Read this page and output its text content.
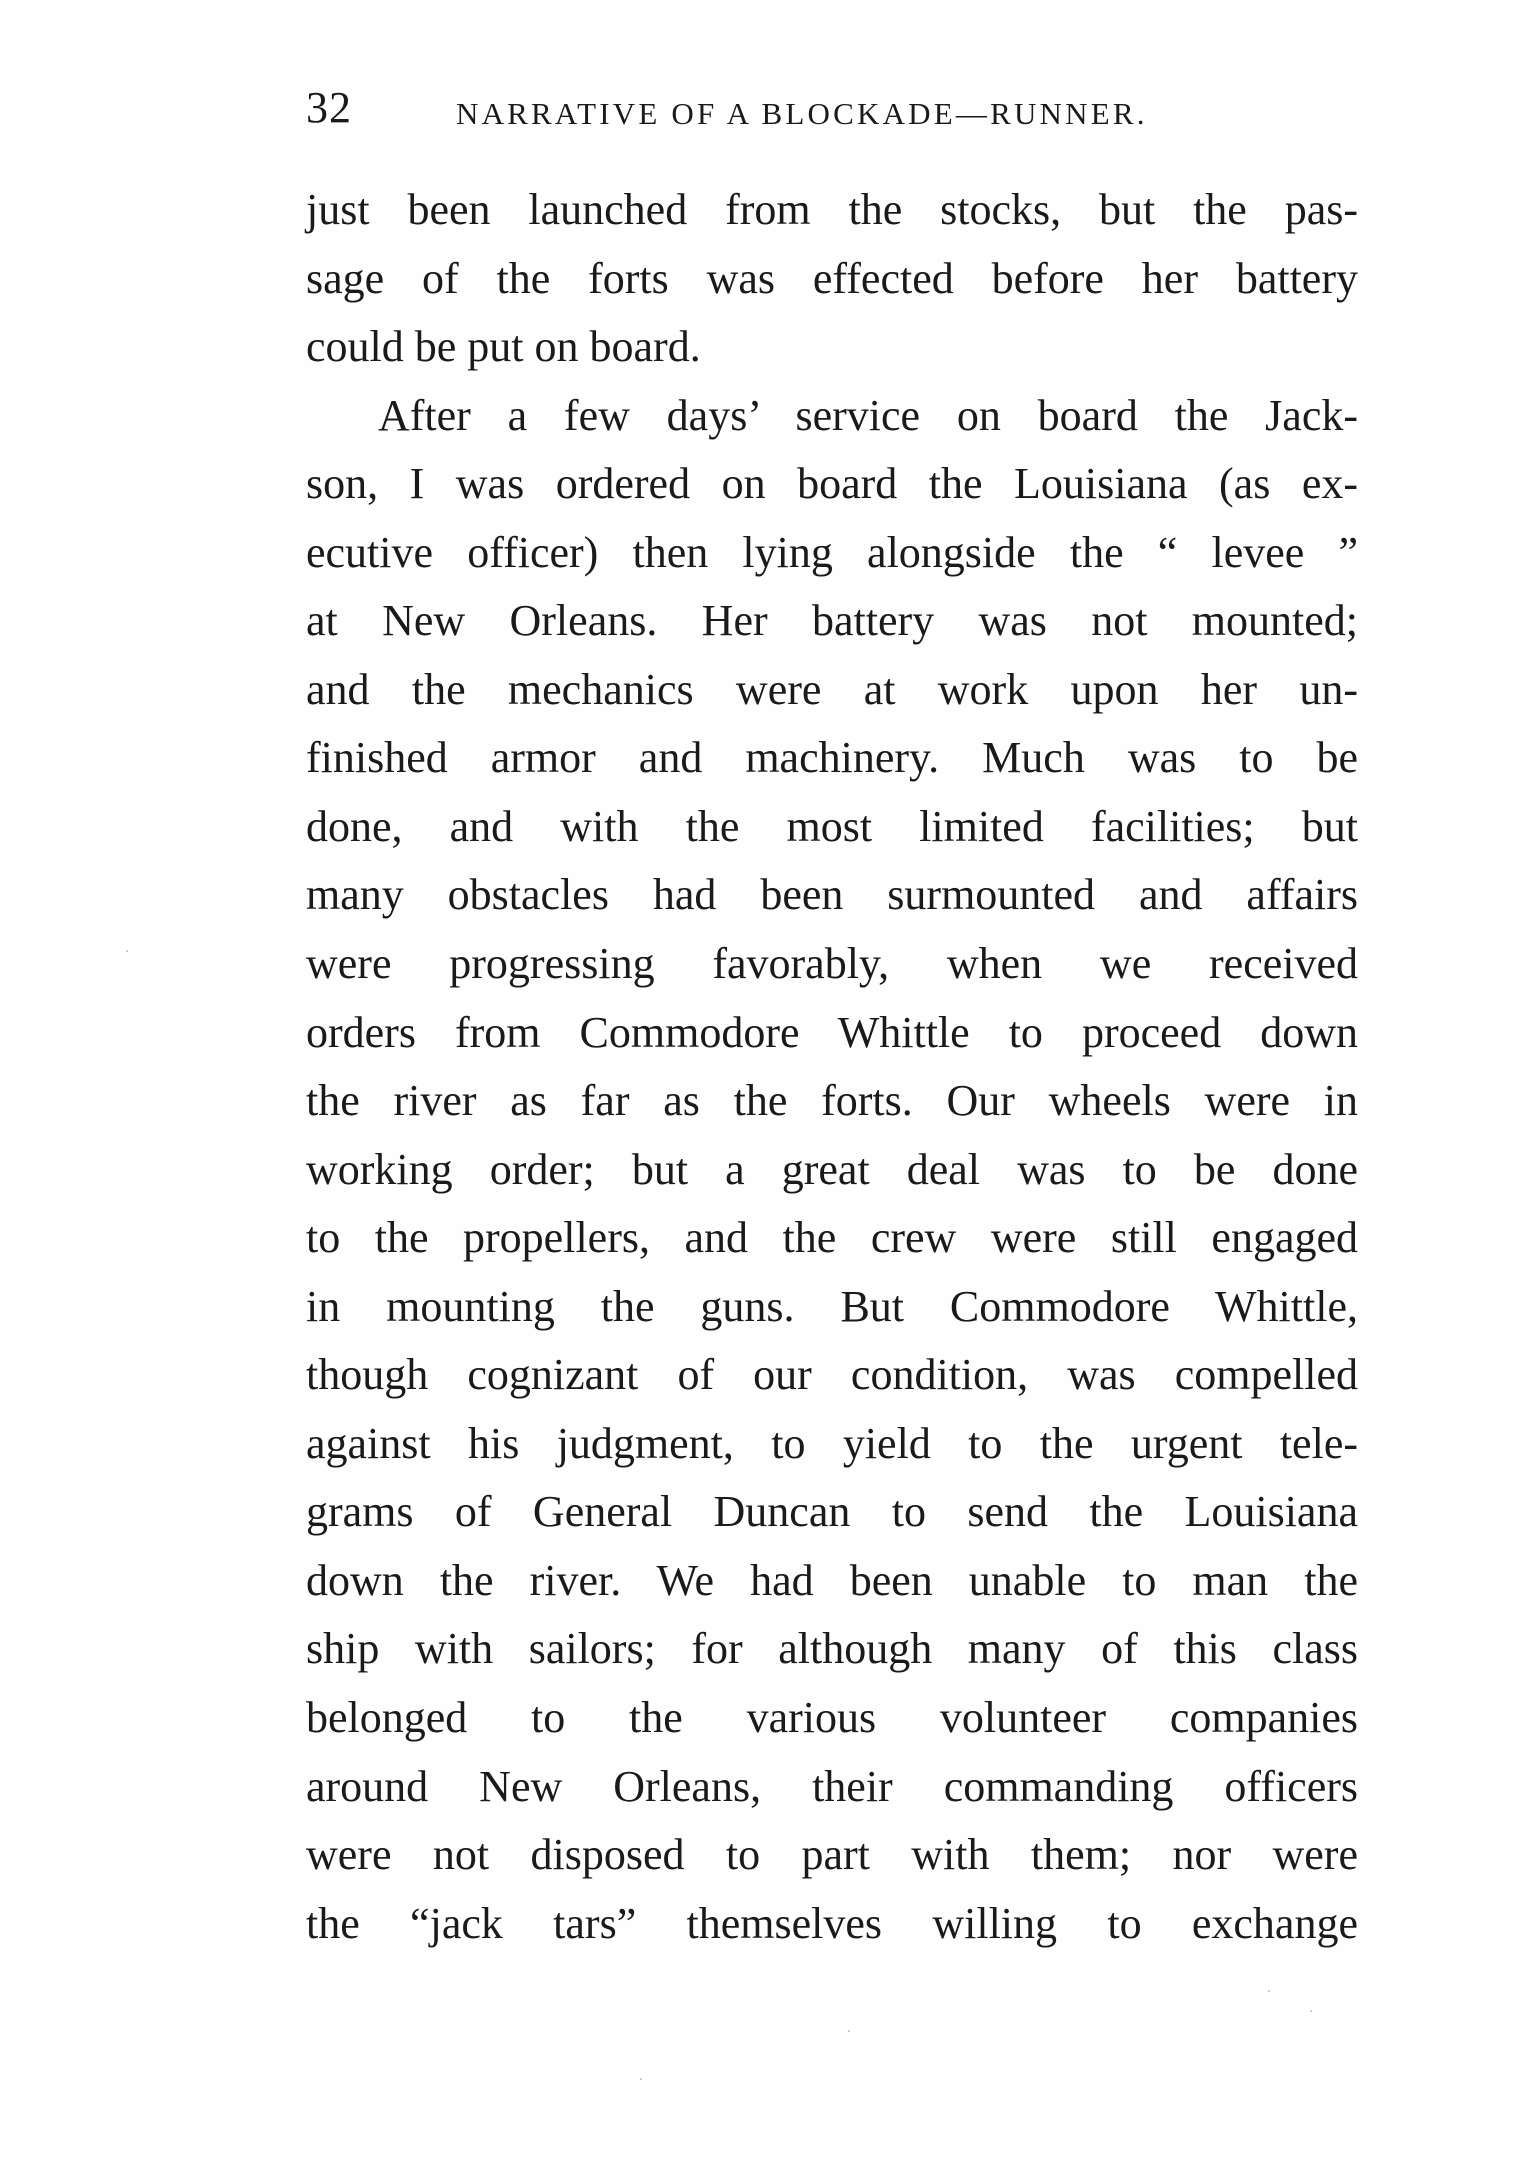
32	NARRATIVE OF A BLOCKADE—RUNNER.
just been launched from the stocks, but the pas-
sage of the forts was effected before her battery
could be put on board.
After a few days’ service on board the Jack-
son, I was ordered on board the Louisiana (as ex-
ecutive officer) then lying alongside the “ levee ”
at New Orleans. Her battery was not mounted;
and the mechanics were at work upon her un-
finished armor and machinery. Much was to be
done, and with the most limited facilities; but
many obstacles had been surmounted and affairs
were progressing favorably, when we received
orders from Commodore Whittle to proceed down
the river as far as the forts. Our wheels were in
working order; but a great deal was to be done
to the propellers, and the crew were still engaged
in mounting the guns. But Commodore Whittle,
though cognizant of our condition, was compelled
against his judgment, to yield to the urgent tele-
grams of General Duncan to send the Louisiana
down the river. We had been unable to man the
ship with sailors; for although many of this class
belonged to the various volunteer companies
around New Orleans, their commanding officers
were not disposed to part with them; nor were
the “jack tars” themselves willing to exchange
